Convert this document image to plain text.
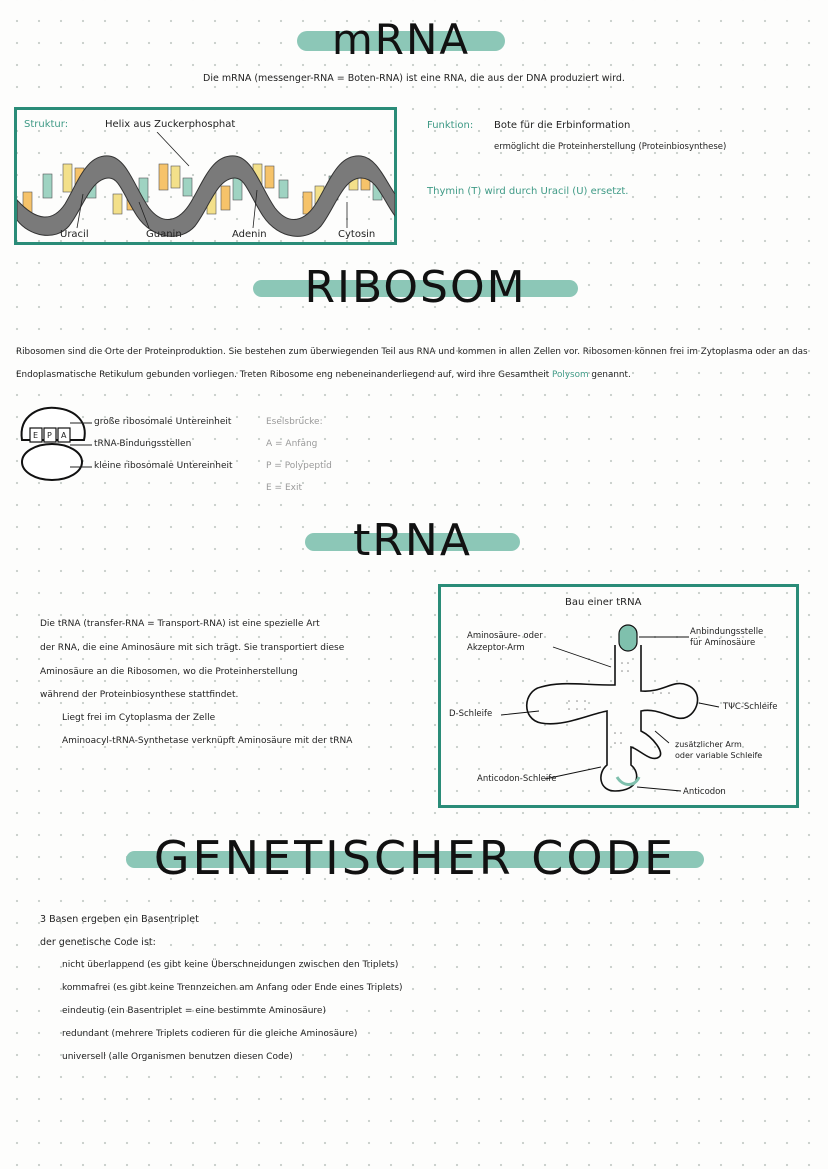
mRNA
Die mRNA (messenger-RNA = Boten-RNA) ist eine RNA, die aus der DNA produziert wird.
Struktur:	Helix aus Zuckerphosphat
Uracil	Guanin	Adenin	Cytosin
Funktion: Bote für die Erbinformation
ermöglicht die Proteinherstellung (Proteinbiosynthese)
Thymin (T) wird durch Uracil (U) ersetzt.
RIBOSOM
Ribosomen sind die Orte der Proteinproduktion. Sie bestehen zum überwiegenden Teil aus RNA und kommen in allen Zellen vor. Ribosomen können frei im Zytoplasma oder an das
Endoplasmatische Retikulum gebunden vorliegen. Treten Ribosome eng nebeneinanderliegend auf, wird ihre Gesamtheit Polysom genannt.
E P A
große ribosomale Untereinheit
tRNA-Bindungsstellen
kleine ribosomale Untereinheit
Eselsbrücke:
A = Anfang
P = Polypeptid
E = Exit
tRNA
Die tRNA (transfer-RNA = Transport-RNA) ist eine spezielle Art
der RNA, die eine Aminosäure mit sich trägt. Sie transportiert diese
Aminosäure an die Ribosomen, wo die Proteinherstellung
während der Proteinbiosynthese stattfindet.
Liegt frei im Cytoplasma der Zelle
Aminoacyl-tRNA-Synthetase verknüpft Aminosäure mit der tRNA
Bau einer tRNA
Aminosäure- oder
Akzeptor-Arm
Anbindungsstelle
für Aminosäure
D-Schleife
TΨC-Schleife
zusätzlicher Arm
oder variable Schleife
Anticodon-Schleife
Anticodon
GENETISCHER CODE
3 Basen ergeben ein Basentriplet
der genetische Code ist:
nicht überlappend (es gibt keine Überschneidungen zwischen den Triplets)
kommafrei (es gibt keine Trennzeichen am Anfang oder Ende eines Triplets)
eindeutig (ein Basentriplet = eine bestimmte Aminosäure)
redundant (mehrere Triplets codieren für die gleiche Aminosäure)
universell (alle Organismen benutzen diesen Code)
